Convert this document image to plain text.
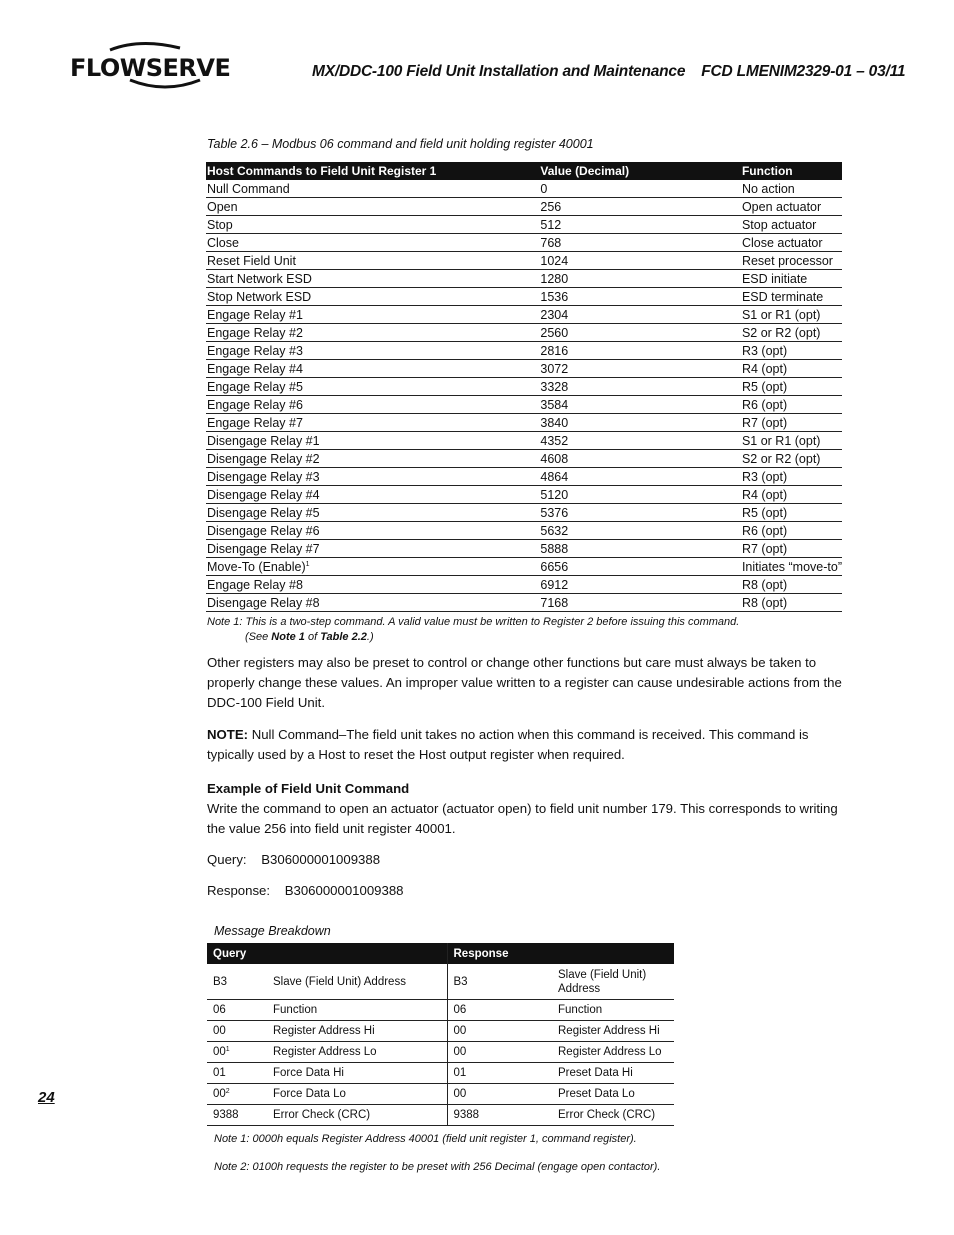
FLOWSERVE	MX/DDC-100 Field Unit Installation and Maintenance FCD LMENIM2329-01 – 03/11
Table 2.6 – Modbus 06 command and field unit holding register 40001
Host Commands to Field Unit Register 1	Value (Decimal)	Function
Null Command	0	No action
Open	256	Open actuator
Stop	512	Stop actuator
Close	768	Close actuator
Reset Field Unit	1024	Reset processor
Start Network ESD	1280	ESD initiate
Stop Network ESD	1536	ESD terminate
Engage Relay #1	2304	S1 or R1 (opt)
Engage Relay #2	2560	S2 or R2 (opt)
Engage Relay #3	2816	R3 (opt)
Engage Relay #4	3072	R4 (opt)
Engage Relay #5	3328	R5 (opt)
Engage Relay #6	3584	R6 (opt)
Engage Relay #7	3840	R7 (opt)
Disengage Relay #1	4352	S1 or R1 (opt)
Disengage Relay #2	4608	S2 or R2 (opt)
Disengage Relay #3	4864	R3 (opt)
Disengage Relay #4	5120	R4 (opt)
Disengage Relay #5	5376	R5 (opt)
Disengage Relay #6	5632	R6 (opt)
Disengage Relay #7	5888	R7 (opt)
Move-To (Enable)$^1$	6656	Initiates “move-to”
Engage Relay #8	6912	R8 (opt)
Disengage Relay #8	7168	R8 (opt)
Note 1: This is a two-step command. A valid value must be written to Register 2 before issuing this command.
(See Note 1 of Table 2.2.)
Other registers may also be preset to control or change other functions but care must always be taken to properly change these values. An improper value written to a register can cause undesirable actions from the DDC-100 Field Unit.
NOTE: Null Command–The field unit takes no action when this command is received. This command is typically used by a Host to reset the Host output register when required.
Example of Field Unit Command
Write the command to open an actuator (actuator open) to field unit number 179. This corresponds to writing the value 256 into field unit register 40001.
Query:    B306000001009388
Response:    B306000001009388
Message Breakdown
Query		Response	
B3	Slave (Field Unit) Address	B3	Slave (Field Unit)
Address
06	Function	06	Function
00	Register Address Hi	00	Register Address Hi
$00^1$	Register Address Lo	00	Register Address Lo
01	Force Data Hi	01	Preset Data Hi
$00^2$	Force Data Lo	00	Preset Data Lo
9388	Error Check (CRC)	9388	Error Check (CRC)
Note 1: 0000h equals Register Address 40001 (field unit register 1, command register).
Note 2: 0100h requests the register to be preset with 256 Decimal (engage open contactor).
24
